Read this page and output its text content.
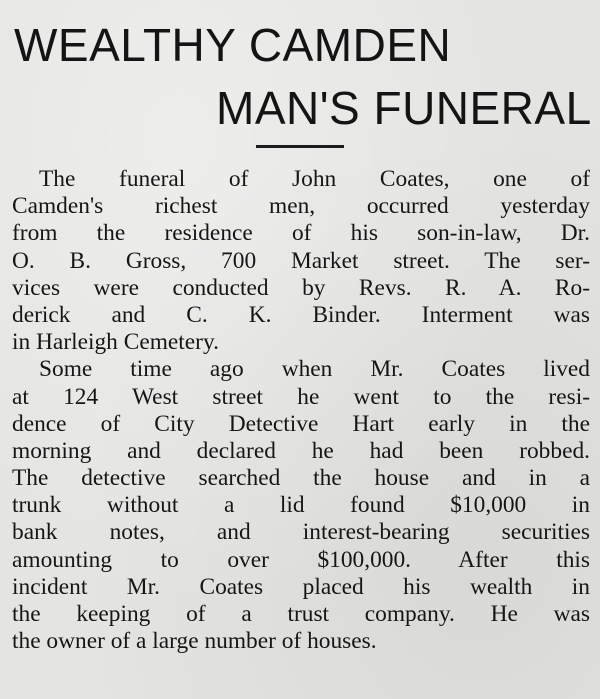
WEALTHY CAMDEN
MAN'S FUNERAL
The funeral of John Coates, one of
Camden's richest men, occurred yesterday
from the residence of his son-in-law, Dr.
O. B. Gross, 700 Market street. The ser-
vices were conducted by Revs. R. A. Ro-
derick and C. K. Binder. Interment was
in Harleigh Cemetery.
Some time ago when Mr. Coates lived
at 124 West street he went to the resi-
dence of City Detective Hart early in the
morning and declared he had been robbed.
The detective searched the house and in a
trunk without a lid found $10,000 in
bank notes, and interest-bearing securities
amounting to over $100,000. After this
incident Mr. Coates placed his wealth in
the keeping of a trust company. He was
the owner of a large number of houses.
